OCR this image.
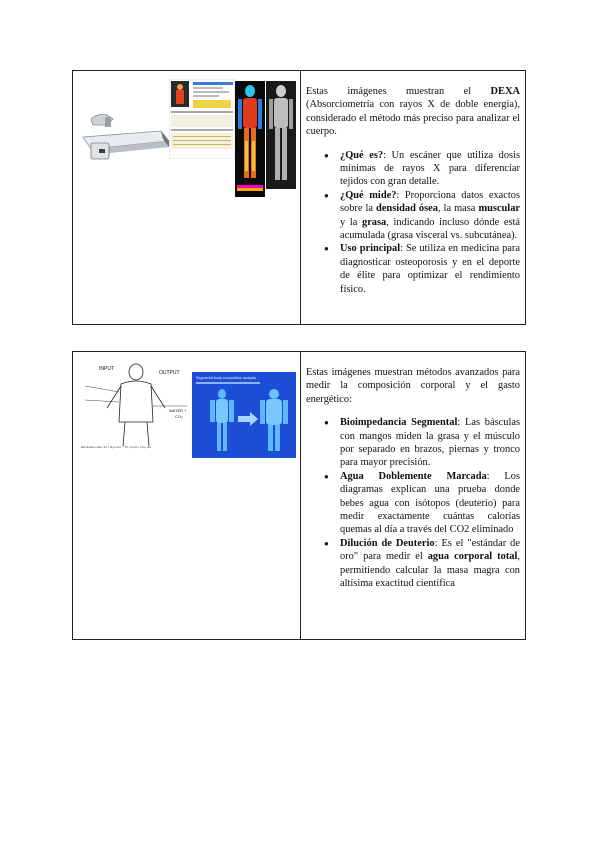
Estas imágenes muestran el DEXA (Absorciometría con rayos X de doble energía), considerado el método más preciso para analizar el cuerpo.

● ¿Qué es?: Un escáner que utiliza dosis mínimas de rayos X para diferenciar tejidos con gran detalle.
● ¿Qué mide?: Proporciona datos exactos sobre la densidad ósea, la masa muscular y la grasa, indicando incluso dónde está acumulada (grasa visceral vs. subcutánea).
● Uso principal: Se utiliza en medicina para diagnosticar osteoporosis y en el deporte de élite para optimizar el rendimiento físico.
INPUT
OUTPUT
WATER +
CO₂
Elimination rate: ²H = H₂O out · ¹⁸O = H₂O + CO₂ out
Segmental body composition analysis	Estas imágenes muestran métodos avanzados para medir la composición corporal y el gasto energético:

● Bioimpedancia Segmental: Las básculas con mangos miden la grasa y el músculo por separado en brazos, piernas y tronco para mayor precisión.
● Agua Doblemente Marcada: Los diagramas explican una prueba donde bebes agua con isótopos (deuterio) para medir exactamente cuántas calorías quemas al día a través del CO2 eliminado
● Dilución de Deuterio: Es el "estándar de oro" para medir el agua corporal total, permitiendo calcular la masa magra con altísima exactitud científica
